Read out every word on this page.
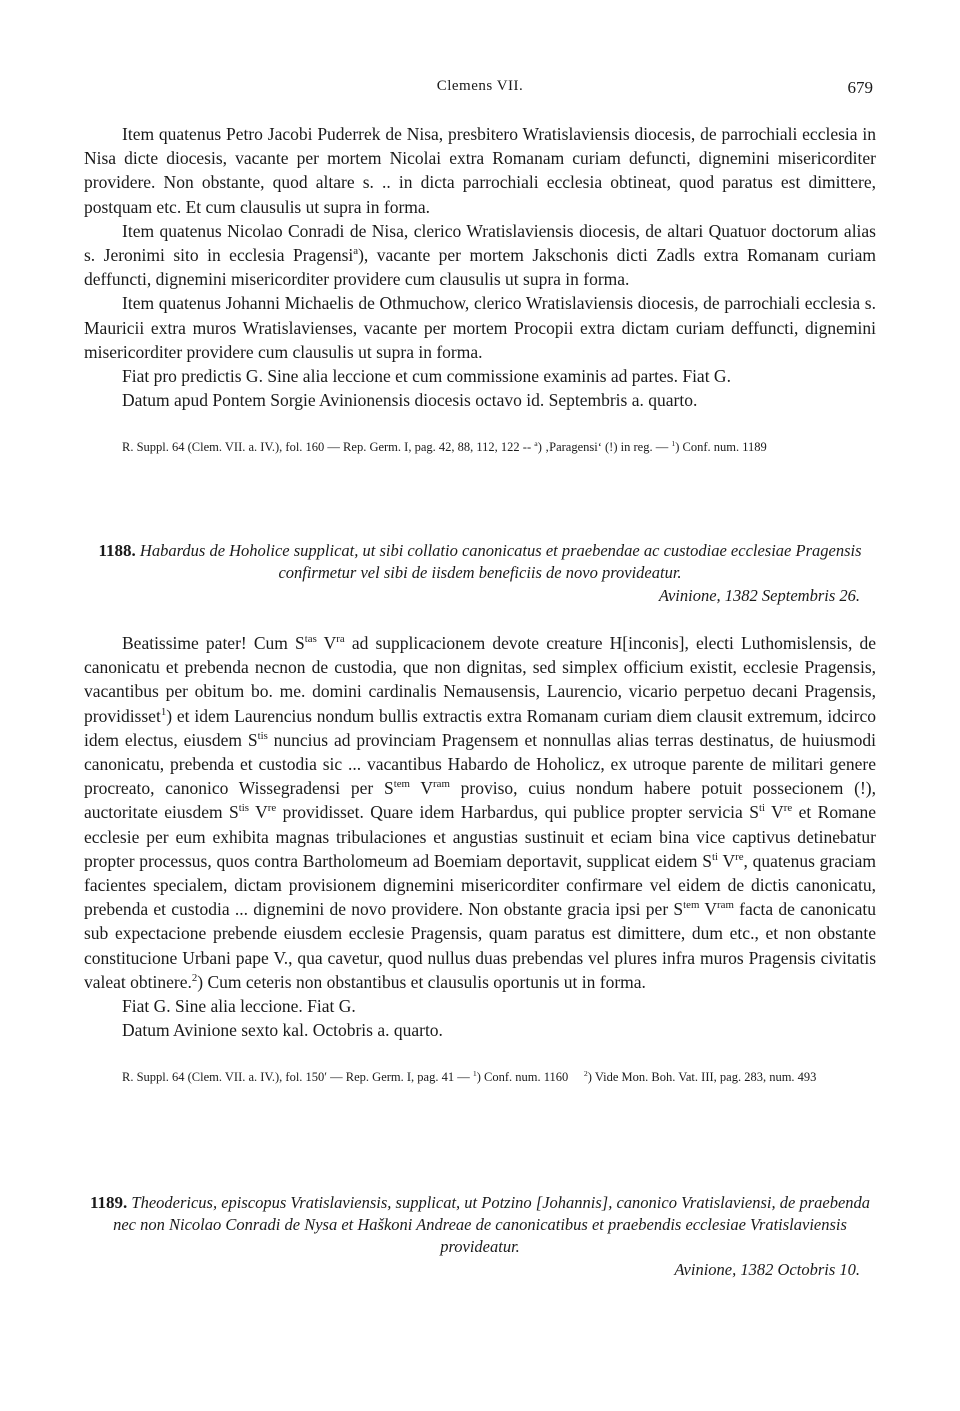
Clemens VII.	679

Item quatenus Petro Jacobi Puderrek de Nisa, presbitero Wratislaviensis diocesis, de parrochiali ecclesia in Nisa dicte diocesis, vacante per mortem Nicolai extra Romanam curiam defuncti, dignemini misericorditer providere. Non obstante, quod altare s. .. in dicta parrochiali ecclesia obtineat, quod paratus est dimittere, postquam etc. Et cum clausulis ut supra in forma.

Item quatenus Nicolao Conradi de Nisa, clerico Wratislaviensis diocesis, de altari Quatuor doctorum alias s. Jeronimi sito in ecclesia Pragensi$^a$), vacante per mortem Jakschonis dicti Zadls extra Romanam curiam deffuncti, dignemini misericorditer providere cum clausulis ut supra in forma.

Item quatenus Johanni Michaelis de Othmuchow, clerico Wratislaviensis diocesis, de parrochiali ecclesia s. Mauricii extra muros Wratislavienses, vacante per mortem Procopii extra dictam curiam deffuncti, dignemini misericorditer providere cum clausulis ut supra in forma.

Fiat pro predictis G. Sine alia leccione et cum commissione examinis ad partes. Fiat G.

Datum apud Pontem Sorgie Avinionensis diocesis octavo id. Septembris a. quarto.

R. Suppl. 64 (Clem. VII. a. IV.), fol. 160 — Rep. Germ. I, pag. 42, 88, 112, 122 -- $^a$) ‚Paragensi‘ (!) in reg. — $^1$) Conf. num. 1189

1188. Habardus de Hoholice supplicat, ut sibi collatio canonicatus et praebendae ac custodiae ecclesiae Pragensis confirmetur vel sibi de iisdem beneficiis de novo provideatur.
Avinione, 1382 Septembris 26.

Beatissime pater! Cum $S^{tas}$ $V^{ra}$ ad supplicacionem devote creature H[inconis], electi Luthomislensis, de canonicatu et prebenda necnon de custodia, que non dignitas, sed simplex officium existit, ecclesie Pragensis, vacantibus per obitum bo. me. domini cardinalis Nemausensis, Laurencio, vicario perpetuo decani Pragensis, providisset$^1$) et idem Laurencius nondum bullis extractis extra Romanam curiam diem clausit extremum, idcirco idem electus, eiusdem $S^{tis}$ nuncius ad provinciam Pragensem et nonnullas alias terras destinatus, de huiusmodi canonicatu, prebenda et custodia sic ... vacantibus Habardo de Hoholicz, ex utroque parente de militari genere procreato, canonico Wissegradensi per $S^{tem}$ $V^{ram}$ proviso, cuius nondum habere potuit possecionem (!), auctoritate eiusdem $S^{tis}$ Vre providisset. Quare idem Harbardus, qui publice propter servicia $S^{ti}$ Vre et Romane ecclesie per eum exhibita magnas tribulaciones et angustias sustinuit et eciam bina vice captivus detinebatur propter processus, quos contra Bartholomeum ad Boemiam deportavit, supplicat eidem $S^{ti}$ Vre, quatenus graciam facientes specialem, dictam provisionem dignemini misericorditer confirmare vel eidem de dictis canonicatu, prebenda et custodia ... dignemini de novo providere. Non obstante gracia ipsi per $S^{tem}$ $V^{ram}$ facta de canonicatu sub expectacione prebende eiusdem ecclesie Pragensis, quam paratus est dimittere, dum etc., et non obstante constitucione Urbani pape V., qua cavetur, quod nullus duas prebendas vel plures infra muros Pragensis civitatis valeat obtinere.$^2$) Cum ceteris non obstantibus et clausulis oportunis ut in forma.

Fiat G. Sine alia leccione. Fiat G.

Datum Avinione sexto kal. Octobris a. quarto.

R. Suppl. 64 (Clem. VII. a. IV.), fol. 150′ — Rep. Germ. I, pag. 41 — $^1$) Conf. num. 1160 $^2$) Vide Mon. Boh. Vat. III, pag. 283, num. 493

1189. Theodericus, episcopus Vratislaviensis, supplicat, ut Potzino [Johannis], canonico Vratislaviensi, de praebenda nec non Nicolao Conradi de Nysa et Haškoni Andreae de canonicatibus et praebendis ecclesiae Vratislaviensis provideatur.
Avinione, 1382 Octobris 10.
